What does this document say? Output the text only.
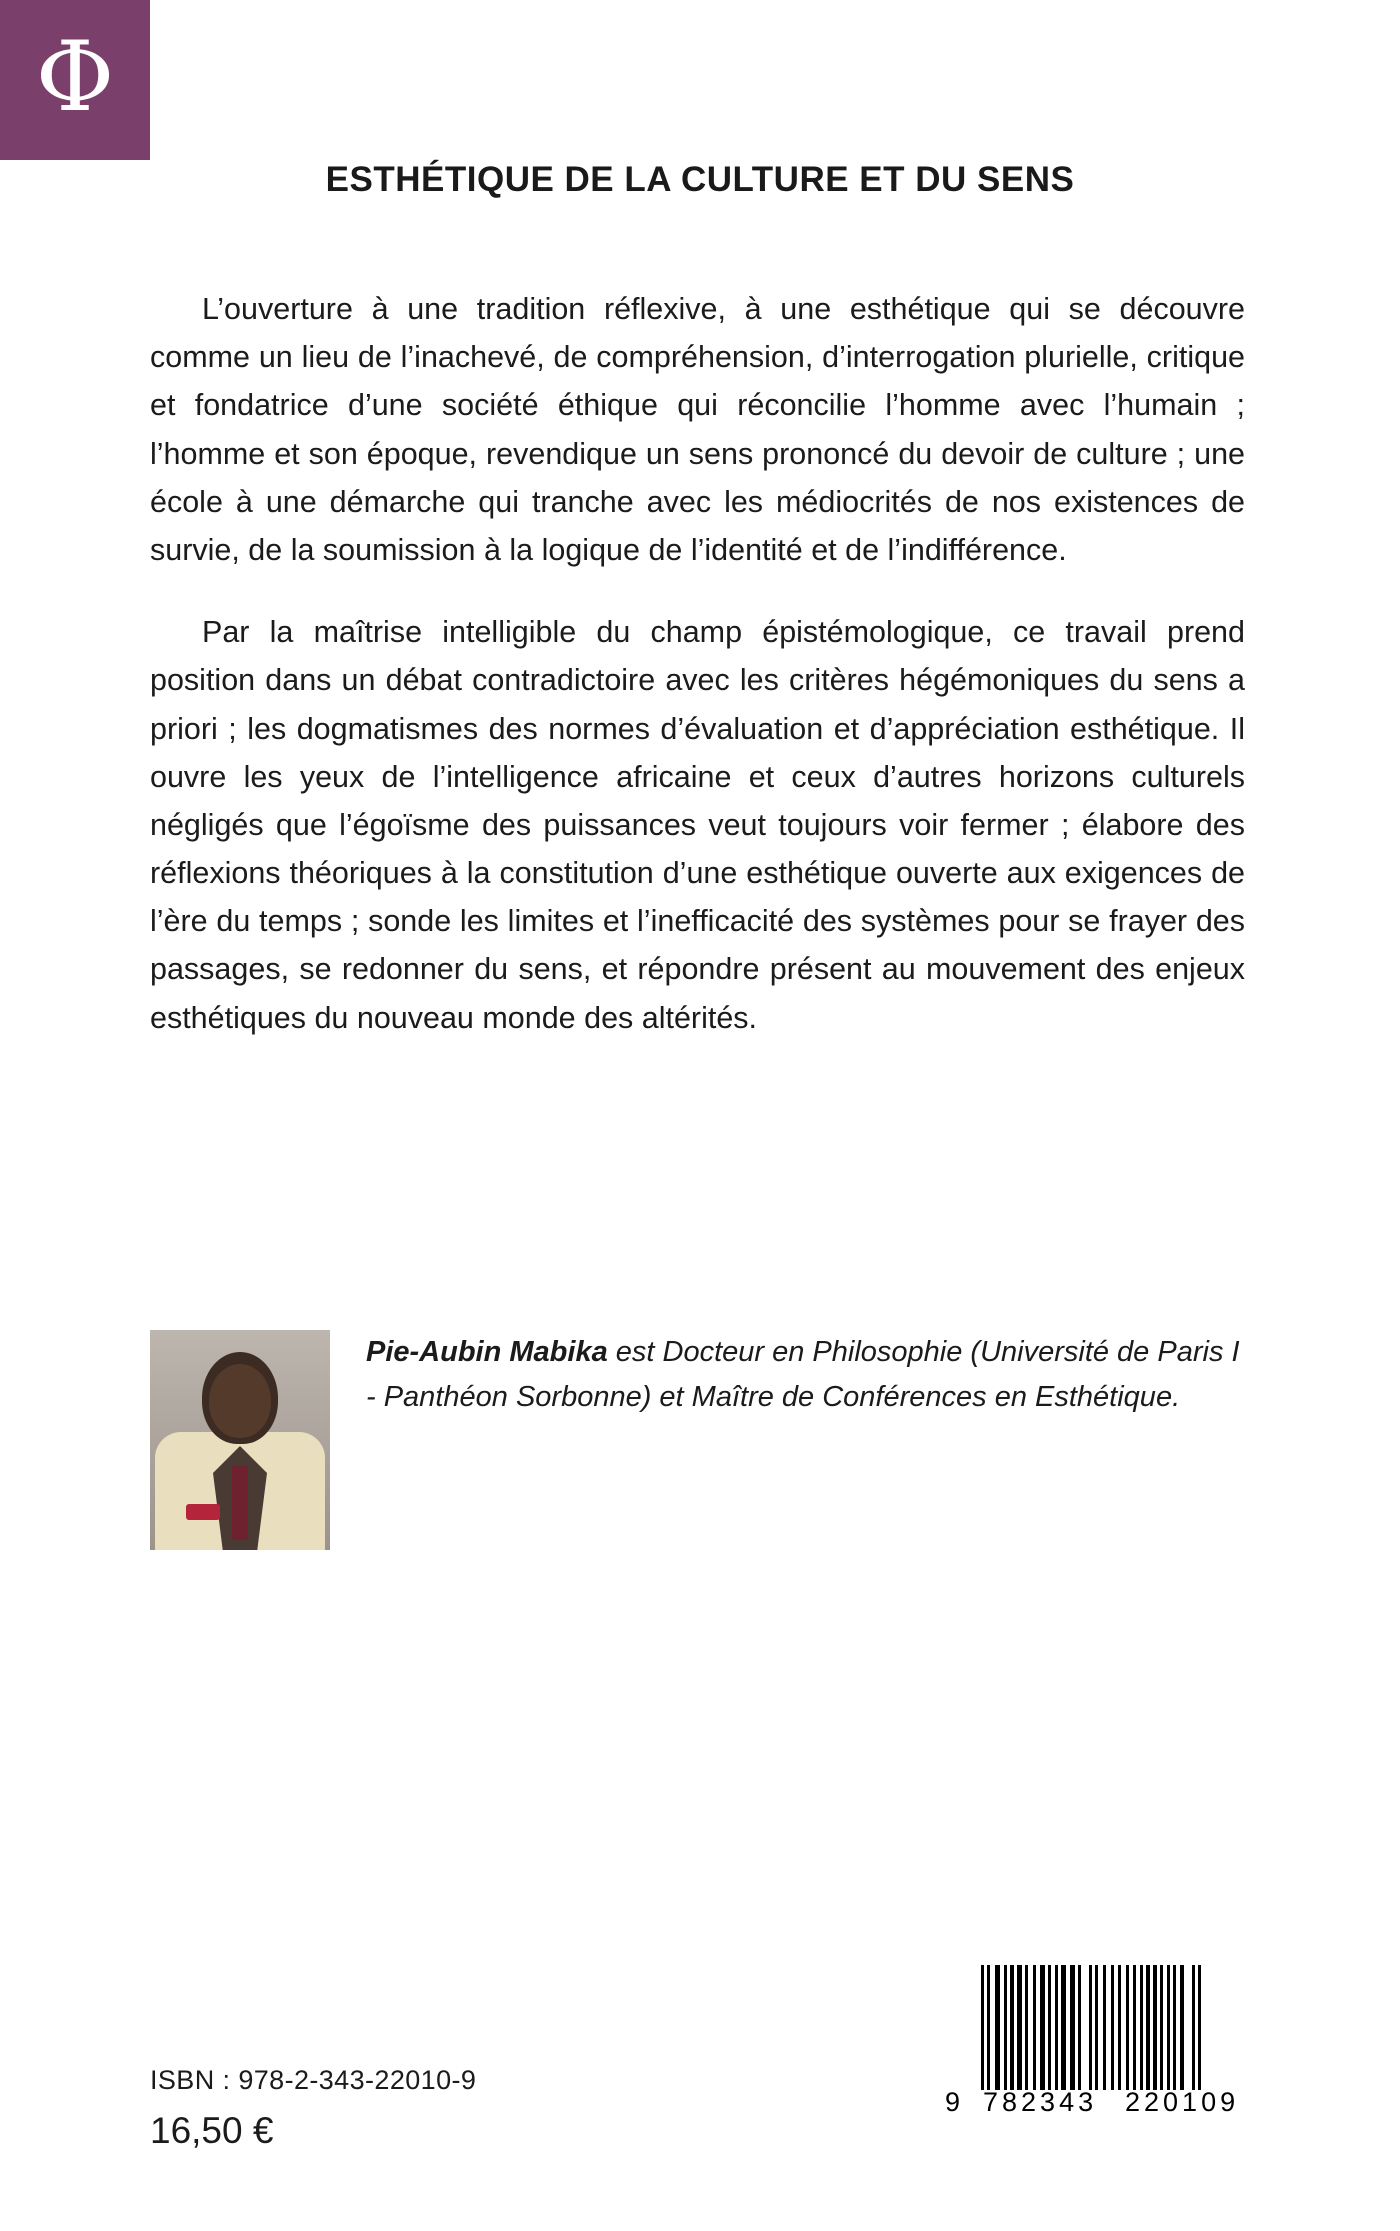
Φ
ESTHÉTIQUE DE LA CULTURE ET DU SENS

L’ouverture à une tradition réflexive, à une esthétique qui se découvre comme un lieu de l’inachevé, de compréhension, d’interrogation plurielle, critique et fondatrice d’une société éthique qui réconcilie l’homme avec l’humain ; l’homme et son époque, revendique un sens prononcé du devoir de culture ; une école à une démarche qui tranche avec les médiocrités de nos existences de survie, de la soumission à la logique de l’identité et de l’indifférence.

Par la maîtrise intelligible du champ épistémologique, ce travail prend position dans un débat contradictoire avec les critères hégémoniques du sens a priori ; les dogmatismes des normes d’évaluation et d’appréciation esthétique. Il ouvre les yeux de l’intelligence africaine et ceux d’autres horizons culturels négligés que l’égoïsme des puissances veut toujours voir fermer ; élabore des réflexions théoriques à la constitution d’une esthétique ouverte aux exigences de l’ère du temps ; sonde les limites et l’inefficacité des systèmes pour se frayer des passages, se redonner du sens, et répondre présent au mouvement des enjeux esthétiques du nouveau monde des altérités.

Pie-Aubin Mabika est Docteur en Philosophie (Université de Paris I - Panthéon Sorbonne) et Maître de Conférences en Esthétique.
ISBN : 978-2-343-22010-9
16,50 €
9 782343 220109
